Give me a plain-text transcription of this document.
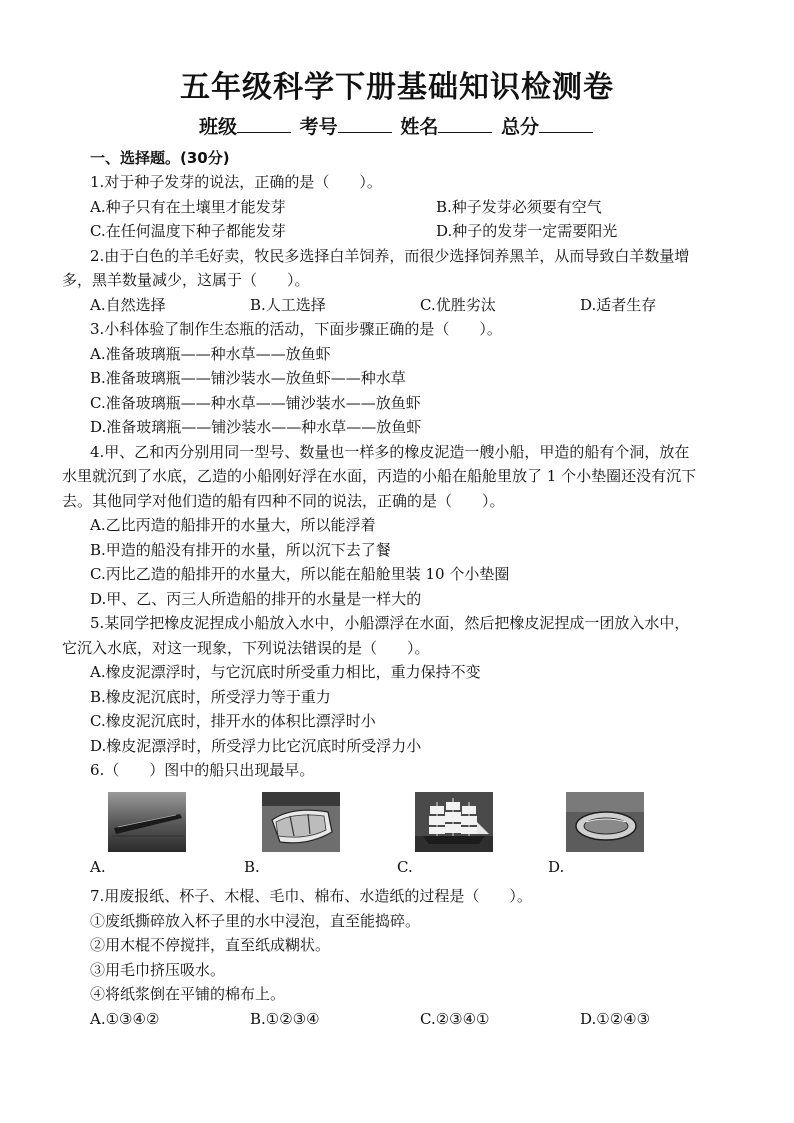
五年级科学下册基础知识检测卷
班级	考号	姓名	总分
一、选择题。(30分)
1.对于种子发芽的说法，正确的是（　　）。
A.种子只有在土壤里才能发芽	B.种子发芽必须要有空气
C.在任何温度下种子都能发芽	D.种子的发芽一定需要阳光
2.由于白色的羊毛好卖，牧民多选择白羊饲养，而很少选择饲养黑羊，从而导致白羊数量增
多，黑羊数量减少，这属于（　　）。
A.自然选择	B.人工选择	C.优胜劣汰	D.适者生存
3.小科体验了制作生态瓶的活动，下面步骤正确的是（　　）。
A.准备玻璃瓶——种水草——放鱼虾
B.准备玻璃瓶——铺沙装水—放鱼虾——种水草
C.准备玻璃瓶——种水草——铺沙装水——放鱼虾
D.准备玻璃瓶——铺沙装水——种水草——放鱼虾
4.甲、乙和丙分别用同一型号、数量也一样多的橡皮泥造一艘小船，甲造的船有个洞，放在
水里就沉到了水底，乙造的小船刚好浮在水面，丙造的小船在船舱里放了 1 个小垫圈还没有沉下
去。其他同学对他们造的船有四种不同的说法，正确的是（　　）。
A.乙比丙造的船排开的水量大，所以能浮着
B.甲造的船没有排开的水量，所以沉下去了餐
C.丙比乙造的船排开的水量大，所以能在船舱里装 10 个小垫圈
D.甲、乙、丙三人所造船的排开的水量是一样大的
5.某同学把橡皮泥捏成小船放入水中，小船漂浮在水面，然后把橡皮泥捏成一团放入水中，
它沉入水底，对这一现象，下列说法错误的是（　　）。
A.橡皮泥漂浮时，与它沉底时所受重力相比，重力保持不变
B.橡皮泥沉底时，所受浮力等于重力
C.橡皮泥沉底时，排开水的体积比漂浮时小
D.橡皮泥漂浮时，所受浮力比它沉底时所受浮力小
6.（　　）图中的船只出现最早。
A.	B.	C.	D.
7.用废报纸、杯子、木棍、毛巾、棉布、水造纸的过程是（　　）。
①废纸撕碎放入杯子里的水中浸泡，直至能捣碎。
②用木棍不停搅拌，直至纸成糊状。
③用毛巾挤压吸水。
④将纸浆倒在平铺的棉布上。
A.①③④②	B.①②③④	C.②③④①	D.①②④③
